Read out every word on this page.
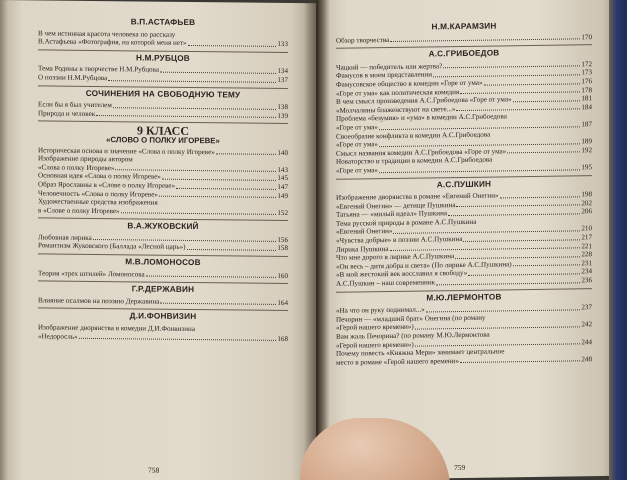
В.П.АСТАФЬЕВ
В чем истинная красота человека по рассказу
В.Астафьева «Фотография, на которой меня нет»	133
Н.М.РУБЦОВ
Тема Родины в творчестве Н.М.Рубцова	134
О поэзии Н.М.Рубцова	137
СОЧИНЕНИЯ НА СВОБОДНУЮ ТЕМУ
Если бы я был учителем	138
Природа и человек	139
9 КЛАСС
«СЛОВО О ПОЛКУ ИГОРЕВЕ»
Историческая основа и значение «Слова о полку Игореве»	140
Изображение природы автором
«Слова о полку Игореве»	143
Основная идея «Слова о полку Игореве»	145
Образ Ярославны в «Слове о полку Игореве»	147
Человечность «Слова о полку Игореве»	149
Художественные средства изображения
в «Слове о полку Игореве»	152
В.А.ЖУКОВСКИЙ
Любовная лирика	156
Романтизм Жуковского (Баллада «Лесной царь»)	158
М.В.ЛОМОНОСОВ
Теория «трех штилей» Ломоносова	160
Г.Р.ДЕРЖАВИН
Влияние псалмов на поэзию Державина	164
Д.И.ФОНВИЗИН
Изображение дворянства в комедии Д.И.Фонвизина
«Недоросль»	168
758
Н.М.КАРАМЗИН
Обзор творчества	170
А.С.ГРИБОЕДОВ
Чацкий — победитель или жертва?	172
Фамусов в моем представлении	173
Фамусовское общество в комедии «Горе от ума»	176
«Горе от ума» как политическая комедия	178
В чем смысл произведения А.С.Грибоедова «Горе от ума»	181
«Молчалины блаженствуют на свете...»	184
Проблема «безумия» и «ума» в комедии А.С.Грибоедова
«Горе от ума»	187
Своеобразие конфликта в комедии А.С.Грибоедова
«Горе от ума»	189
Смысл названия комедии А.С.Грибоедова «Горе от ума»	192
Новаторство и традиции в комедии А.С.Грибоедова
«Горе от ума»	195
А.С.ПУШКИН
Изображение дворянства в романе «Евгений Онегин»	198
«Евгений Онегин» — детище Пушкина	202
Татьяна — «милый идеал» Пушкина	206
Тема русской природы в романе А.С.Пушкина
«Евгений Онегин»	210
«Чувства добрые» в поэзии А.С.Пушкина	217
Лирика Пушкина	221
Что мне дорого в лирике А.С.Пушкина	228
«Он весь – дитя добра и света» (По лирике А.С.Пушкина)	231
«В мой жестокий век восславил я свободу»	234
А.С.Пушкин – наш современник	236
М.Ю.ЛЕРМОНТОВ
«На что он руку поднимал...»	237
Печорин — «младший брат» Онегина (по роману
«Герой нашего времени»)	242
Вам жаль Печорина? (по роману М.Ю.Лермонтова
«Герой нашего времени»)	244
Почему повесть «Княжна Мери» занимает центральное
место в романе «Герой нашего времени»	248
759
